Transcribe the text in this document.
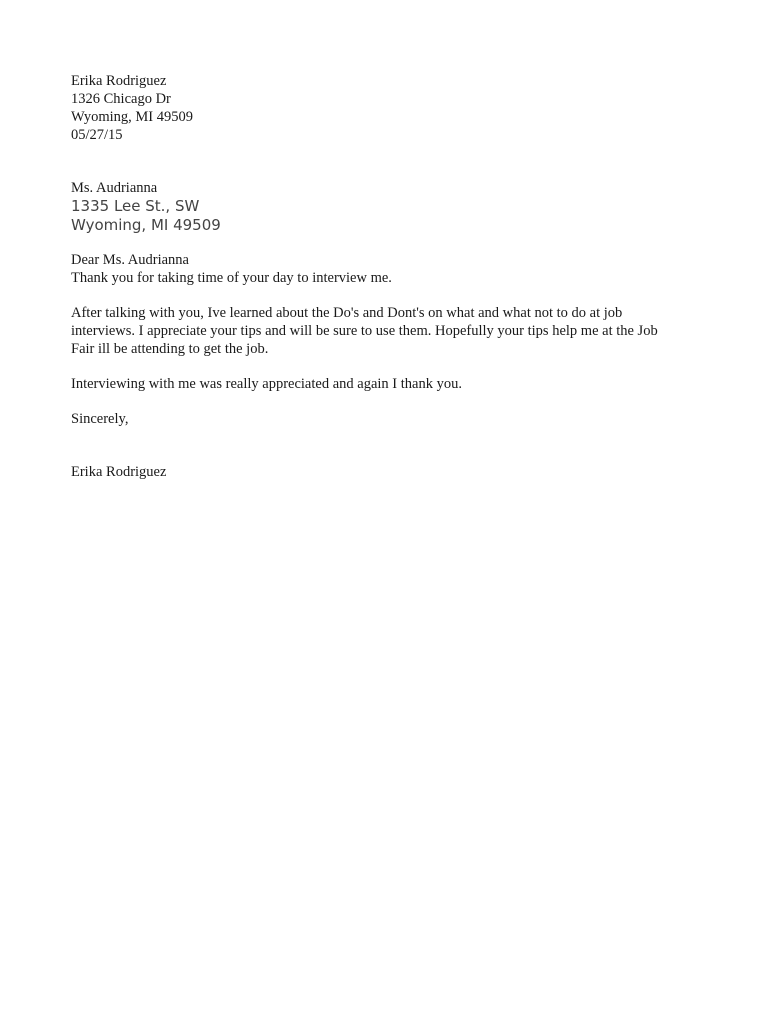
Erika Rodriguez
1326 Chicago Dr
Wyoming, MI 49509
05/27/15
Ms. Audrianna
1335 Lee St., SW
Wyoming, MI 49509
Dear Ms. Audrianna
Thank you for taking time of your day to interview me.
After talking with you, Ive learned about the Do's and Dont's on what and what not to do at job
interviews. I appreciate your tips and will be sure to use them. Hopefully your tips help me at the Job
Fair ill be attending to get the job.
Interviewing with me was really appreciated and again I thank you.
Sincerely,
Erika Rodriguez
